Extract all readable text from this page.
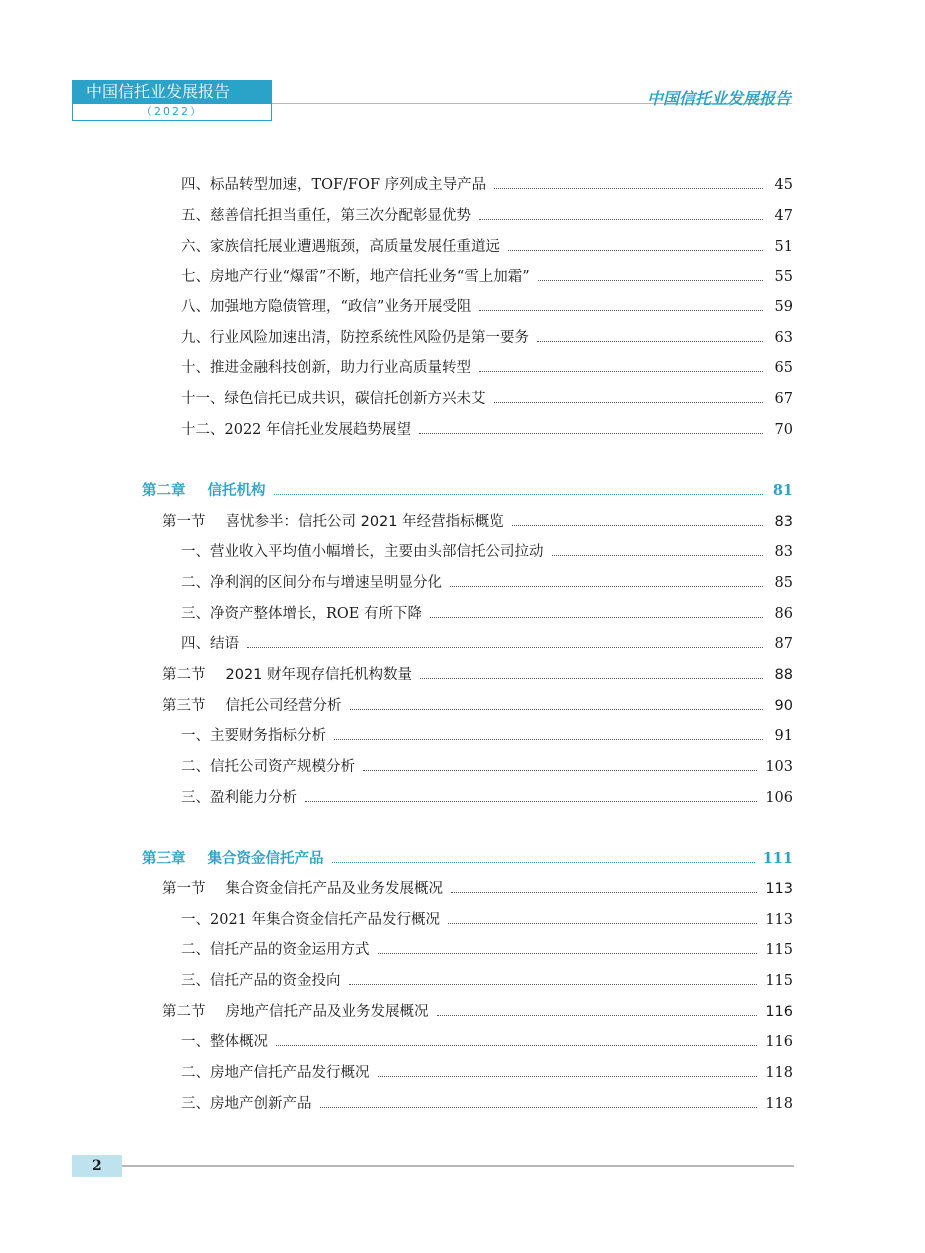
中国信托业发展报告
（2022）
中国信托业发展报告
四、标品转型加速，TOF/FOF 序列成主导产品	45
五、慈善信托担当重任，第三次分配彰显优势	47
六、家族信托展业遭遇瓶颈，高质量发展任重道远	51
七、房地产行业“爆雷”不断，地产信托业务“雪上加霜”	55
八、加强地方隐债管理，“政信”业务开展受阻	59
九、行业风险加速出清，防控系统性风险仍是第一要务	63
十、推进金融科技创新，助力行业高质量转型	65
十一、绿色信托已成共识，碳信托创新方兴未艾	67
十二、2022 年信托业发展趋势展望	70
第二章 信托机构	81
第一节 喜忧参半：信托公司 2021 年经营指标概览	83
一、营业收入平均值小幅增长，主要由头部信托公司拉动	83
二、净利润的区间分布与增速呈明显分化	85
三、净资产整体增长，ROE 有所下降	86
四、结语	87
第二节 2021 财年现存信托机构数量	88
第三节 信托公司经营分析	90
一、主要财务指标分析	91
二、信托公司资产规模分析	103
三、盈利能力分析	106
第三章 集合资金信托产品	111
第一节 集合资金信托产品及业务发展概况	113
一、2021 年集合资金信托产品发行概况	113
二、信托产品的资金运用方式	115
三、信托产品的资金投向	115
第二节 房地产信托产品及业务发展概况	116
一、整体概况	116
二、房地产信托产品发行概况	118
三、房地产创新产品	118
2
